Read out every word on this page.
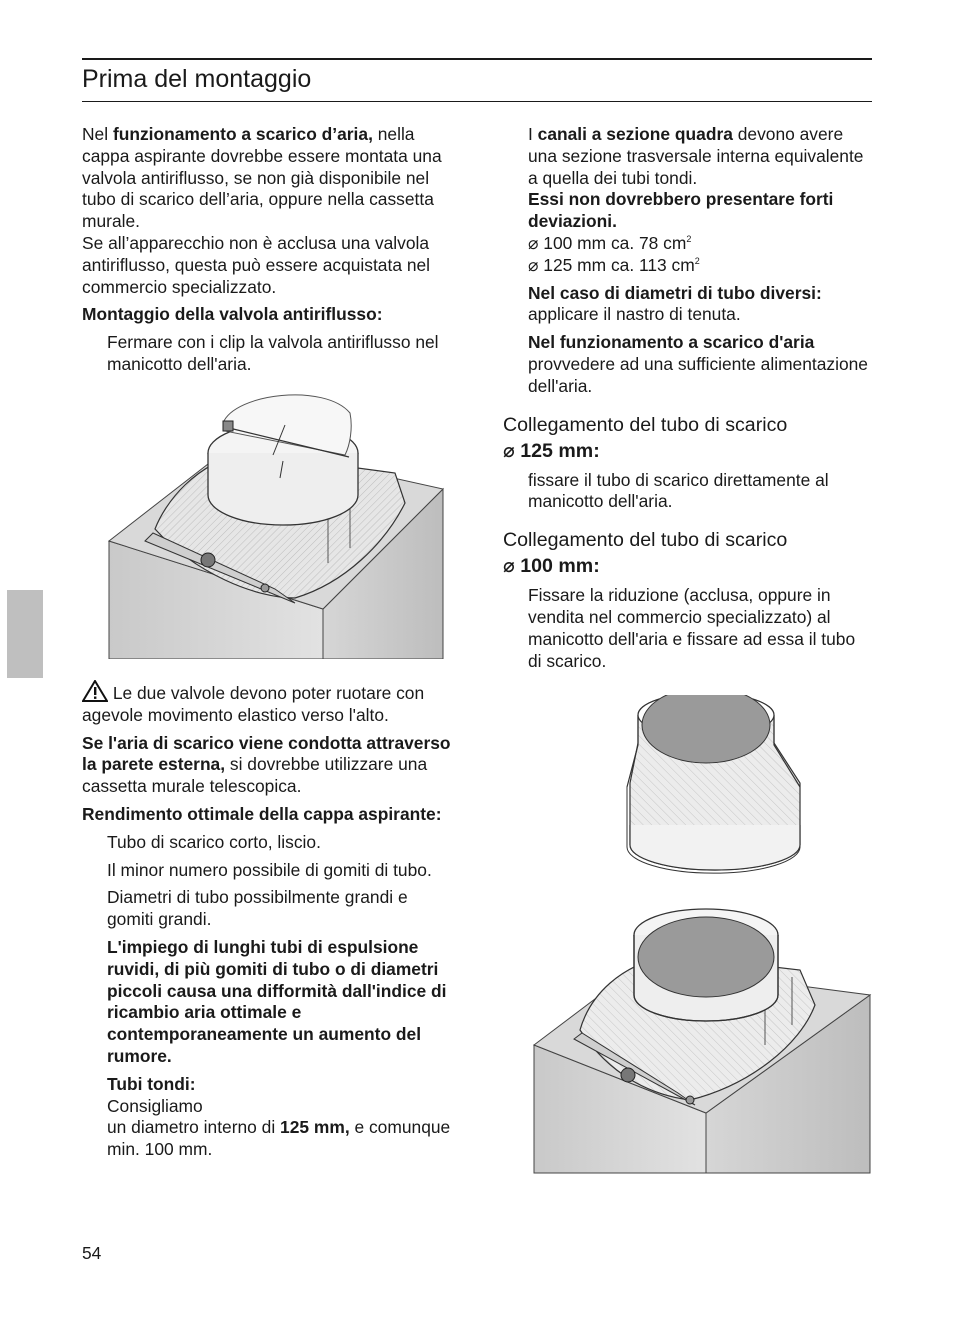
Prima del montaggio

Nel funzionamento a scarico d’aria, nella cappa aspirante dovrebbe essere montata una valvola antiriflusso, se non già disponibile nel tubo di scarico dell’aria, oppure nella cassetta murale.
Se all’apparecchio non è acclusa una valvola antiriflusso, questa può essere acquistata nel commercio specializzato.

Montaggio della valvola antiriflusso:

Fermare con i clip la valvola antiriflusso nel manicotto dell'aria.

Le due valvole devono poter ruotare con agevole movimento elastico verso l'alto.

Se l'aria di scarico viene condotta attraverso la parete esterna, si dovrebbe utilizzare una cassetta murale telescopica.

Rendimento ottimale della cappa aspirante:

Tubo di scarico corto, liscio.

Il minor numero possibile di gomiti di tubo.

Diametri di tubo possibilmente grandi e gomiti grandi.

L'impiego di lunghi tubi di espulsione ruvidi, di più gomiti di tubo o di diametri piccoli causa una difformità dall'indice di ricambio aria ottimale e contemporaneamente un aumento del rumore.

Tubi tondi:
Consigliamo
un diametro interno di 125 mm, e comunque min. 100 mm.

I canali a sezione quadra devono avere una sezione trasversale interna equivalente a quella dei tubi tondi.
Essi non dovrebbero presentare forti deviazioni.
⌀ 100 mm ca. 78 $cm^2$
⌀ 125 mm ca. 113 $cm^2$

Nel caso di diametri di tubo diversi:
applicare il nastro di tenuta.

Nel funzionamento a scarico d'aria provvedere ad una sufficiente alimentazione dell'aria.

Collegamento del tubo di scarico
⌀ 125 mm:

fissare il tubo di scarico direttamente al manicotto dell'aria.

Collegamento del tubo di scarico
⌀ 100 mm:

Fissare la riduzione (acclusa, oppure in vendita nel commercio specializzato) al manicotto dell'aria e fissare ad essa il tubo di scarico.

54
